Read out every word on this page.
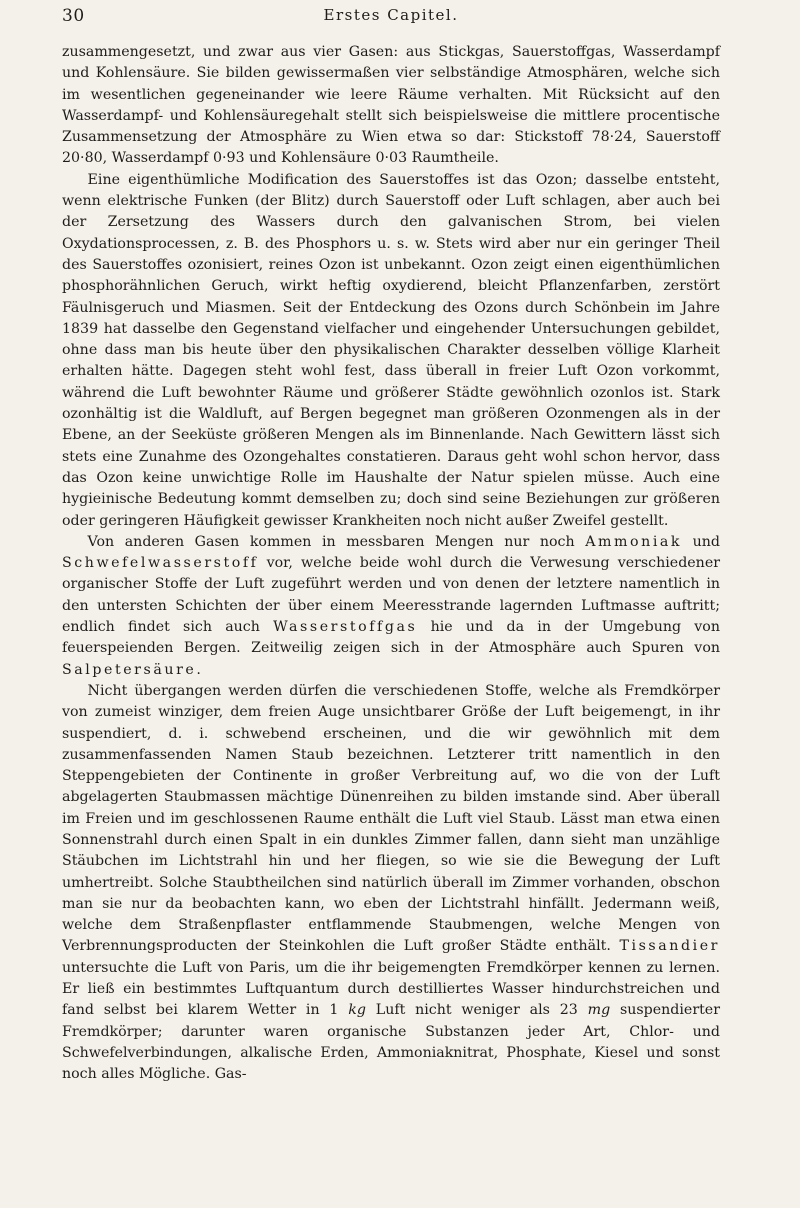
30	Erstes Capitel.

zusammengesetzt, und zwar aus vier Gasen: aus Stickgas, Sauerstoffgas, Wasserdampf und Kohlensäure. Sie bilden gewissermaßen vier selbständige Atmosphären, welche sich im wesentlichen gegeneinander wie leere Räume verhalten. Mit Rücksicht auf den Wasserdampf- und Kohlensäuregehalt stellt sich beispielsweise die mittlere procentische Zusammensetzung der Atmosphäre zu Wien etwa so dar: Stickstoff 78·24, Sauerstoff 20·80, Wasserdampf 0·93 und Kohlensäure 0·03 Raumtheile.

Eine eigenthümliche Modification des Sauerstoffes ist das Ozon; dasselbe entsteht, wenn elektrische Funken (der Blitz) durch Sauerstoff oder Luft schlagen, aber auch bei der Zersetzung des Wassers durch den galvanischen Strom, bei vielen Oxydationsprocessen, z. B. des Phosphors u. s. w. Stets wird aber nur ein geringer Theil des Sauerstoffes ozonisiert, reines Ozon ist unbekannt. Ozon zeigt einen eigenthümlichen phosphorähnlichen Geruch, wirkt heftig oxydierend, bleicht Pflanzenfarben, zerstört Fäulnisgeruch und Miasmen. Seit der Entdeckung des Ozons durch Schönbein im Jahre 1839 hat dasselbe den Gegenstand vielfacher und eingehender Untersuchungen gebildet, ohne dass man bis heute über den physikalischen Charakter desselben völlige Klarheit erhalten hätte. Dagegen steht wohl fest, dass überall in freier Luft Ozon vorkommt, während die Luft bewohnter Räume und größerer Städte gewöhnlich ozonlos ist. Stark ozonhältig ist die Waldluft, auf Bergen begegnet man größeren Ozonmengen als in der Ebene, an der Seeküste größeren Mengen als im Binnenlande. Nach Gewittern lässt sich stets eine Zunahme des Ozongehaltes constatieren. Daraus geht wohl schon hervor, dass das Ozon keine unwichtige Rolle im Haushalte der Natur spielen müsse. Auch eine hygieinische Bedeutung kommt demselben zu; doch sind seine Beziehungen zur größeren oder geringeren Häufigkeit gewisser Krankheiten noch nicht außer Zweifel gestellt.

Von anderen Gasen kommen in messbaren Mengen nur noch Ammoniak und Schwefelwasserstoff vor, welche beide wohl durch die Verwesung verschiedener organischer Stoffe der Luft zugeführt werden und von denen der letztere namentlich in den untersten Schichten der über einem Meeresstrande lagernden Luftmasse auftritt; endlich findet sich auch Wasserstoffgas hie und da in der Umgebung von feuerspeienden Bergen. Zeitweilig zeigen sich in der Atmosphäre auch Spuren von Salpetersäure.

Nicht übergangen werden dürfen die verschiedenen Stoffe, welche als Fremdkörper von zumeist winziger, dem freien Auge unsichtbarer Größe der Luft beigemengt, in ihr suspendiert, d. i. schwebend erscheinen, und die wir gewöhnlich mit dem zusammenfassenden Namen Staub bezeichnen. Letzterer tritt namentlich in den Steppengebieten der Continente in großer Verbreitung auf, wo die von der Luft abgelagerten Staubmassen mächtige Dünenreihen zu bilden imstande sind. Aber überall im Freien und im geschlossenen Raume enthält die Luft viel Staub. Lässt man etwa einen Sonnenstrahl durch einen Spalt in ein dunkles Zimmer fallen, dann sieht man unzählige Stäubchen im Lichtstrahl hin und her fliegen, so wie sie die Bewegung der Luft umhertreibt. Solche Staubtheilchen sind natürlich überall im Zimmer vorhanden, obschon man sie nur da beobachten kann, wo eben der Lichtstrahl hinfällt. Jedermann weiß, welche dem Straßenpflaster entflammende Staubmengen, welche Mengen von Verbrennungsproducten der Steinkohlen die Luft großer Städte enthält. Tissandier untersuchte die Luft von Paris, um die ihr beigemengten Fremdkörper kennen zu lernen. Er ließ ein bestimmtes Luftquantum durch destilliertes Wasser hindurchstreichen und fand selbst bei klarem Wetter in 1 kg Luft nicht weniger als 23 mg suspendierter Fremdkörper; darunter waren organische Substanzen jeder Art, Chlor- und Schwefelverbindungen, alkalische Erden, Ammoniaknitrat, Phosphate, Kiesel und sonst noch alles Mögliche. Gas-
